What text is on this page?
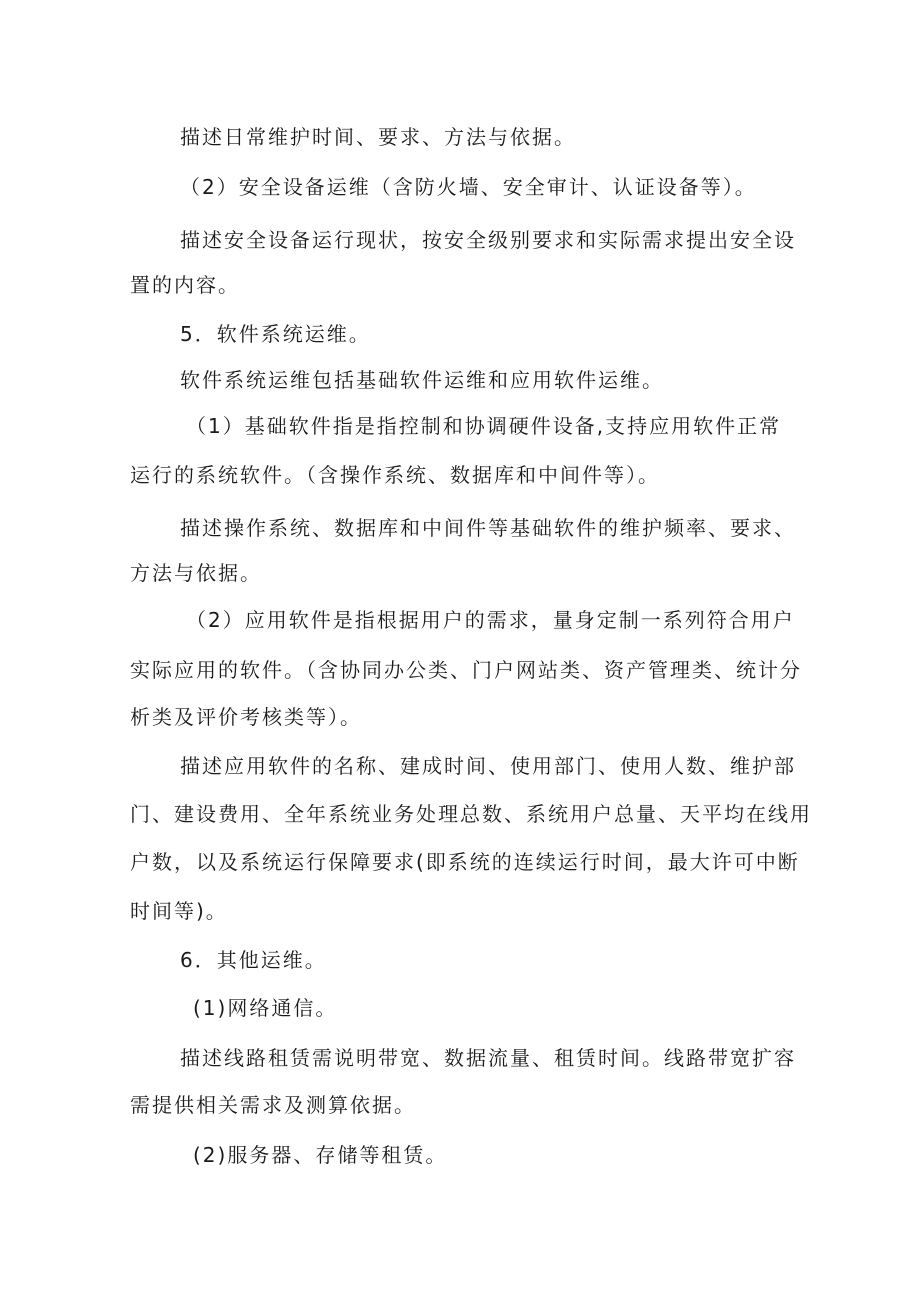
描述日常维护时间、要求、方法与依据。
（2）安全设备运维（含防火墙、安全审计、认证设备等）。
描述安全设备运行现状，按安全级别要求和实际需求提出安全设
置的内容。
5．软件系统运维。
软件系统运维包括基础软件运维和应用软件运维。
（1）基础软件指是指控制和协调硬件设备,支持应用软件正常
运行的系统软件。（含操作系统、数据库和中间件等）。
描述操作系统、数据库和中间件等基础软件的维护频率、要求、
方法与依据。
（2）应用软件是指根据用户的需求，量身定制一系列符合用户
实际应用的软件。（含协同办公类、门户网站类、资产管理类、统计分
析类及评价考核类等）。
描述应用软件的名称、建成时间、使用部门、使用人数、维护部
门、建设费用、全年系统业务处理总数、系统用户总量、天平均在线用
户数，以及系统运行保障要求(即系统的连续运行时间，最大许可中断
时间等)。
6．其他运维。
(1)网络通信。
描述线路租赁需说明带宽、数据流量、租赁时间。线路带宽扩容
需提供相关需求及测算依据。
(2)服务器、存储等租赁。
